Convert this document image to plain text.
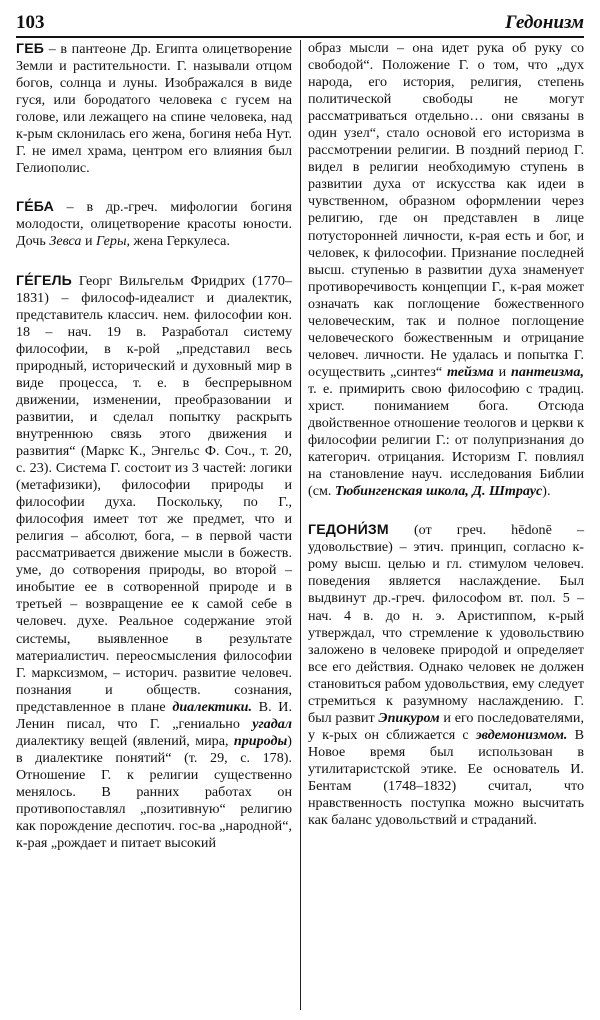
103	Гедонизм

ГЕБ – в пантеоне Др. Египта олицетворение Земли и растительности. Г. называли отцом богов, солнца и луны. Изображался в виде гуся, или бородатого человека с гусем на голове, или лежащего на спине человека, над к-рым склонилась его жена, богиня неба Нут. Г. не имел храма, центром его влияния был Гелиополис.

ГЕ́БА – в др.-греч. мифологии богиня молодости, олицетворение красоты юности. Дочь Зевса и Геры, жена Геркулеса.

ГЕ́ГЕЛЬ Георг Вильгельм Фридрих (1770–1831) – философ-идеалист и диалектик, представитель классич. нем. философии кон. 18 – нач. 19 в. Разработал систему философии, в к-рой „представил весь природный, исторический и духовный мир в виде процесса, т. е. в беспрерывном движении, изменении, преобразовании и развитии, и сделал попытку раскрыть внутреннюю связь этого движения и развития“ (Маркс К., Энгельс Ф. Соч., т. 20, с. 23). Система Г. состоит из 3 частей: логики (метафизики), философии природы и философии духа. Поскольку, по Г., философия имеет тот же предмет, что и религия – абсолют, бога, – в первой части рассматривается движение мысли в божеств. уме, до сотворения природы, во второй – инобытие ее в сотворенной природе и в третьей – возвращение ее к самой себе в человеч. духе. Реальное содержание этой системы, выявленное в результате материалистич. переосмысления философии Г. марксизмом, – историч. развитие человеч. познания и обществ. сознания, представленное в плане диалектики. В. И. Ленин писал, что Г. „гениально угадал диалектику вещей (явлений, мира, природы) в диалектике понятий“ (т. 29, с. 178). Отношение Г. к религии существенно менялось. В ранних работах он противопоставлял „позитивную“ религию как порождение деспотич. гос-ва „народной“, к-рая „рождает и питает высокий

образ мысли – она идет рука об руку со свободой“. Положение Г. о том, что „дух народа, его история, религия, степень политической свободы не могут рассматриваться отдельно… они связаны в один узел“, стало основой его историзма в рассмотрении религии. В поздний период Г. видел в религии необходимую ступень в развитии духа от искусства как идеи в чувственном, образном оформлении через религию, где он представлен в лице потусторонней личности, к-рая есть и бог, и человек, к философии. Признание последней высш. ступенью в развитии духа знаменует противоречивость концепции Г., к-рая может означать как поглощение божественного человеческим, так и полное поглощение человеческого божественным и отрицание человеч. личности. Не удалась и попытка Г. осуществить „синтез“ тейзма и пантеизма, т. е. примирить свою философию с традиц. христ. пониманием бога. Отсюда двойственное отношение теологов и церкви к философии религии Г.: от полупризнания до категорич. отрицания. Историзм Г. повлиял на становление науч. исследования Библии (см. Тюбингенская школа, Д. Штраус).

ГЕДОНИ́ЗМ (от греч. hēdonē – удовольствие) – этич. принцип, согласно к-рому высш. целью и гл. стимулом человеч. поведения является наслаждение. Был выдвинут др.-греч. философом вт. пол. 5 – нач. 4 в. до н. э. Аристиппом, к-рый утверждал, что стремление к удовольствию заложено в человеке природой и определяет все его действия. Однако человек не должен становиться рабом удовольствия, ему следует стремиться к разумному наслаждению. Г. был развит Эпикуром и его последователями, у к-рых он сближается с эвдемонизмом. В Новое время был использован в утилитаристской этике. Ее основатель И. Бентам (1748–1832) считал, что нравственность поступка можно высчитать как баланс удовольствий и страданий.
